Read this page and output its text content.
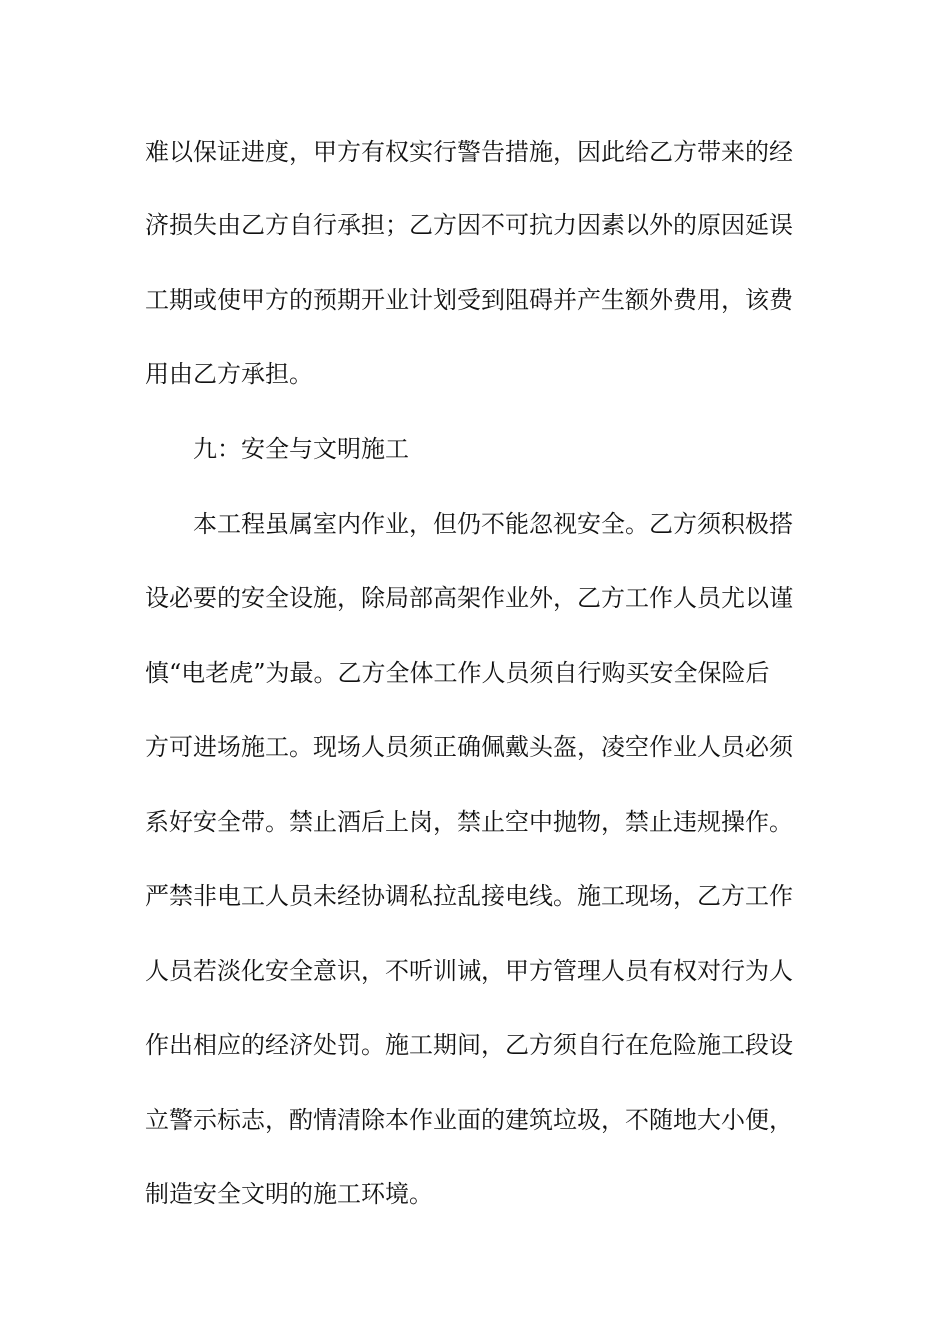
难以保证进度，甲方有权实行警告措施，因此给乙方带来的经
济损失由乙方自行承担；乙方因不可抗力因素以外的原因延误
工期或使甲方的预期开业计划受到阻碍并产生额外费用，该费
用由乙方承担。
九：安全与文明施工
本工程虽属室内作业，但仍不能忽视安全。乙方须积极搭
设必要的安全设施，除局部高架作业外，乙方工作人员尤以谨
慎“电老虎”为最。乙方全体工作人员须自行购买安全保险后
方可进场施工。现场人员须正确佩戴头盔，凌空作业人员必须
系好安全带。禁止酒后上岗，禁止空中抛物，禁止违规操作。
严禁非电工人员未经协调私拉乱接电线。施工现场，乙方工作
人员若淡化安全意识，不听训诫，甲方管理人员有权对行为人
作出相应的经济处罚。施工期间，乙方须自行在危险施工段设
立警示标志，酌情清除本作业面的建筑垃圾，不随地大小便，
制造安全文明的施工环境。
